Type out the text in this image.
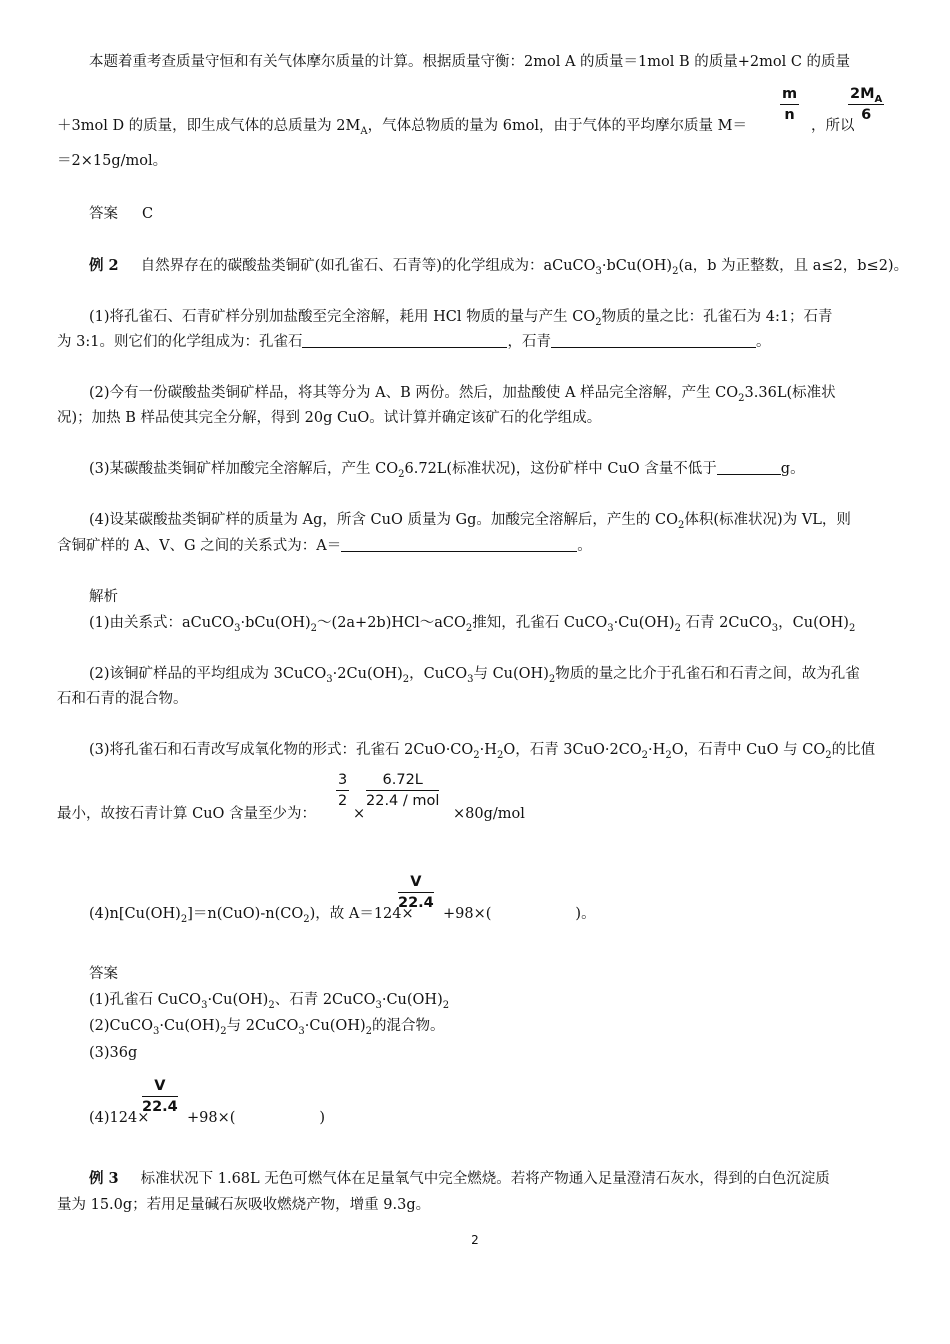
本题着重考查质量守恒和有关气体摩尔质量的计算。根据质量守衡：2mol A 的质量＝1mol B 的质量+2mol C 的质量
＋3mol D 的质量，即生成气体的总质量为 $2M_A$，气体总物质的量为 6mol，由于气体的平均摩尔质量 M＝
$\frac{m}{n}$
，所以
$\frac{2M_A}{6}$
＝2×15g/mol。
答案 C
例 2 自然界存在的碳酸盐类铜矿(如孔雀石、石青等)的化学组成为：$aCuCO_3\cdot bCu(OH)_2(a$，b 为正整数，且 a≤2，b≤2)。
(1)将孔雀石、石青矿样分别加盐酸至完全溶解，耗用 HCl 物质的量与产生 $CO_2$物质的量之比：孔雀石为 4:1；石青
为 3:1。则它们的化学组成为：孔雀石	，石青	。
(2)今有一份碳酸盐类铜矿样品，将其等分为 A、B 两份。然后，加盐酸使 A 样品完全溶解，产生 $CO_23.36L$(标准状
况)；加热 B 样品使其完全分解，得到 20g CuO。试计算并确定该矿石的化学组成。
(3)某碳酸盐类铜矿样加酸完全溶解后，产生 $CO_26.72L$(标准状况)，这份矿样中 CuO 含量不低于	g。
(4)设某碳酸盐类铜矿样的质量为 Ag，所含 CuO 质量为 Gg。加酸完全溶解后，产生的 $CO_2$体积(标准状况)为 VL，则
含铜矿样的 A、V、G 之间的关系式为：A＝	。
解析
(1)由关系式：$aCuCO_3\cdot bCu(OH)_2\sim(2a+2b)HCl\sim aCO_2$推知，孔雀石 $CuCO_3\cdot Cu(OH)_2$ 石青 2CuCO$_3$，$Cu(OH)_2$
(2)该铜矿样品的平均组成为 $3CuCO_3\cdot 2Cu(OH)_2$，CuCO$_3$与 $Cu(OH)_2$物质的量之比介于孔雀石和石青之间，故为孔雀
石和石青的混合物。
(3)将孔雀石和石青改写成氧化物的形式：孔雀石 $2CuO\cdot CO_2\cdot H_2O$，石青 $3CuO\cdot 2CO_2\cdot H_2O$，石青中 CuO 与 $CO_2$的比值
最小，故按石青计算 CuO 含量至少为：
$\frac{3}{2}$
×
6.72L
22.4 / mol
×80g/mol
$(4)n[Cu(OH)_2]=n(CuO)-n(CO_2)$，故 A＝124×
$\frac{V}{22.4}$
+98×(	)。
答案
(1)孔雀石 $CuCO_3\cdot Cu(OH)_2$、石青 $2CuCO_3\cdot Cu(OH)_2$
$(2)CuCO_3\cdot Cu(OH)_2$与 $2CuCO_3\cdot Cu(OH)_2$的混合物。
(3)36g
(4)124×
$\frac{V}{22.4}$
+98×(	)
例 3 标准状况下 1.68L 无色可燃气体在足量氧气中完全燃烧。若将产物通入足量澄清石灰水，得到的白色沉淀质
量为 15.0g；若用足量碱石灰吸收燃烧产物，增重 9.3g。
2
